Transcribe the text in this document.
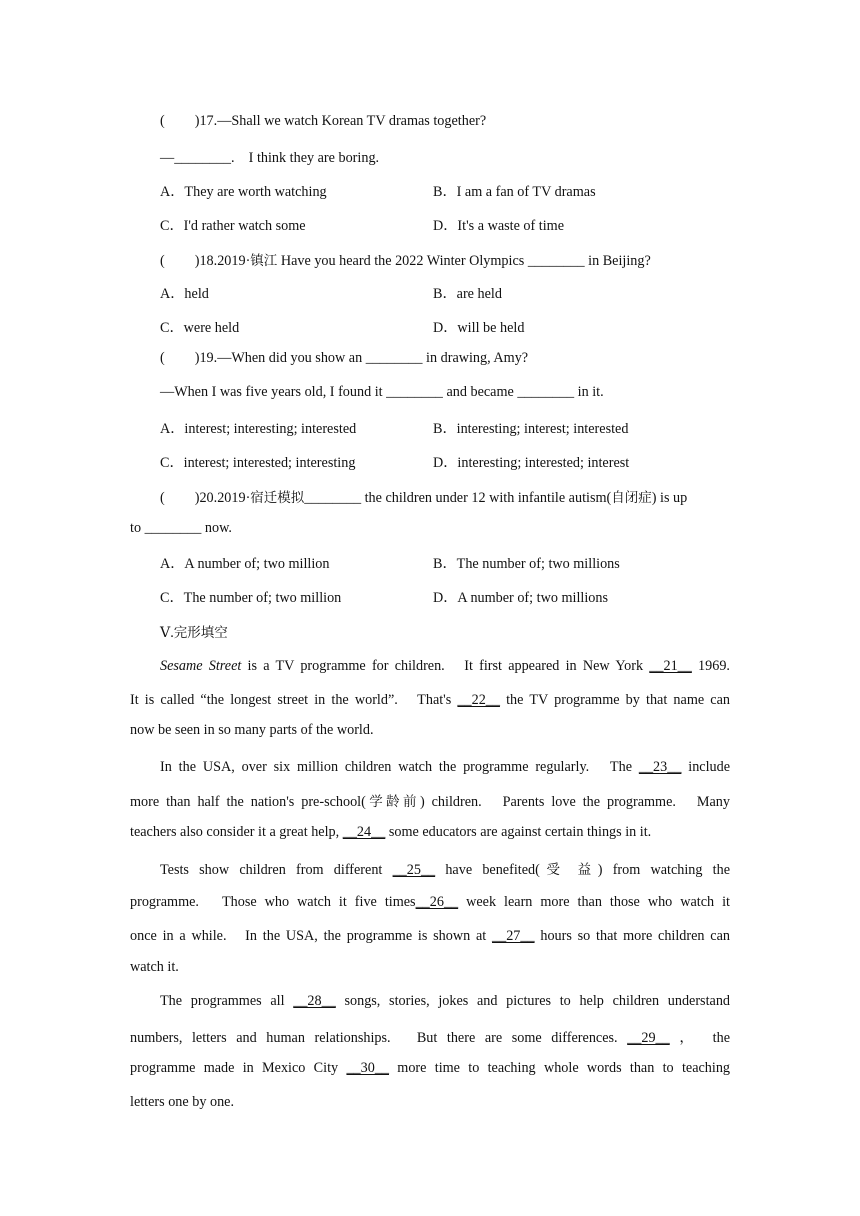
( )17.—Shall we watch Korean TV dramas together?
—________.　I think they are boring.
A．They are worth watching	B．I am a fan of TV dramas
C．I'd rather watch some	D．It's a waste of time
( )18.2019·镇江 Have you heard the 2022 Winter Olympics ________ in Beijing?
A．held	B．are held
C．were held	D．will be held
( )19.—When did you show an ________ in drawing, Amy?
—When I was five years old, I found it ________ and became ________ in it.
A．interest; interesting; interested	B．interesting; interest; interested
C．interest; interested; interesting	D．interesting; interested; interest
( )20.2019·宿迁模拟________ the children under 12 with infantile autism(自闭症) is up
to ________ now.
A．A number of; two million	B．The number of; two millions
C．The number of; two million	D．A number of; two millions
Ⅴ.完形填空
Sesame Street is a TV programme for children.　It first appeared in New York __21__ 1969.
It is called “the longest street in the world”.　That's __22__ the TV programme by that name can
now be seen in so many parts of the world.
In the USA, over six million children watch the programme regularly.　The __23__ include
more than half the nation's pre-school(学龄前) children.　Parents love the programme.　Many
teachers also consider it a great help, __24__ some educators are against certain things in it.
Tests show children from different __25__ have benefited(受 益) from watching the
programme.　Those who watch it five times__26__ week learn more than those who watch it
once in a while.　In the USA, the programme is shown at __27__ hours so that more children can
watch it.
The programmes all __28__ songs, stories, jokes and pictures to help children understand
numbers, letters and human relationships.　But there are some differences. __29__ ，　the
programme made in Mexico City __30__ more time to teaching whole words than to teaching
letters one by one.
